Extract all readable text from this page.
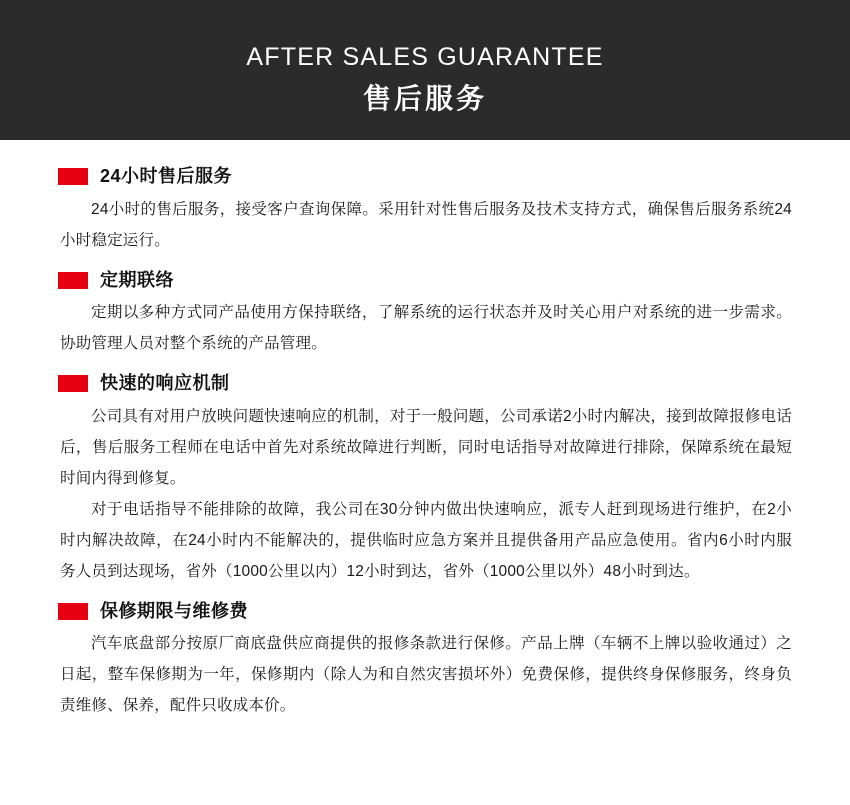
AFTER SALES GUARANTEE
售后服务
24小时售后服务

24小时的售后服务，接受客户查询保障。采用针对性售后服务及技术支持方式，确保售后服务系统24小时稳定运行。

定期联络

定期以多种方式同产品使用方保持联络，了解系统的运行状态并及时关心用户对系统的进一步需求。协助管理人员对整个系统的产品管理。

快速的响应机制

公司具有对用户放映问题快速响应的机制，对于一般问题，公司承诺2小时内解决，接到故障报修电话后，售后服务工程师在电话中首先对系统故障进行判断，同时电话指导对故障进行排除，保障系统在最短时间内得到修复。

对于电话指导不能排除的故障，我公司在30分钟内做出快速响应，派专人赶到现场进行维护，在2小时内解决故障，在24小时内不能解决的，提供临时应急方案并且提供备用产品应急使用。省内6小时内服务人员到达现场，省外（1000公里以内）12小时到达，省外（1000公里以外）48小时到达。

保修期限与维修费

汽车底盘部分按原厂商底盘供应商提供的报修条款进行保修。产品上牌（车辆不上牌以验收通过）之日起，整车保修期为一年，保修期内（除人为和自然灾害损坏外）免费保修，提供终身保修服务，终身负责维修、保养，配件只收成本价。
